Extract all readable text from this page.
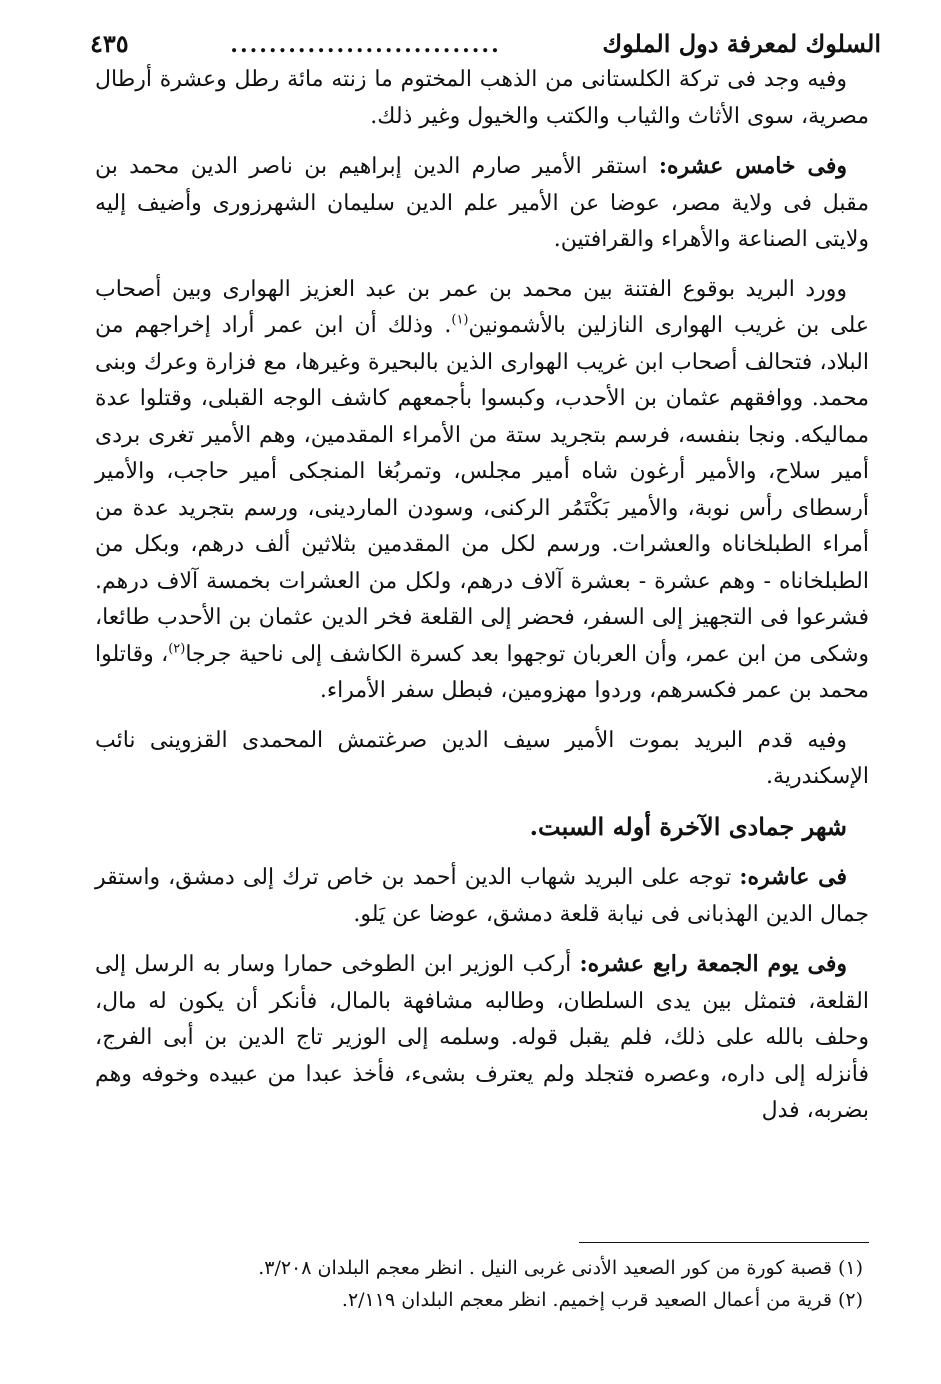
السلوك لمعرفة دول الملوك
............................
٤٣٥

وفيه وجد فى تركة الكلستانى من الذهب المختوم ما زنته مائة رطل وعشرة أرطال مصرية، سوى الأثاث والثياب والكتب والخيول وغير ذلك.

وفى خامس عشره: استقر الأمير صارم الدين إبراهيم بن ناصر الدين محمد بن مقبل فى ولاية مصر، عوضا عن الأمير علم الدين سليمان الشهرزورى وأضيف إليه ولايتى الصناعة والأهراء والقرافتين.

وورد البريد بوقوع الفتنة بين محمد بن عمر بن عبد العزيز الهوارى وبين أصحاب على بن غريب الهوارى النازلين بالأشمونين$^{(١)}$. وذلك أن ابن عمر أراد إخراجهم من البلاد، فتحالف أصحاب ابن غريب الهوارى الذين بالبحيرة وغيرها، مع فزارة وعرك وبنى محمد. ووافقهم عثمان بن الأحدب، وكبسوا بأجمعهم كاشف الوجه القبلى، وقتلوا عدة مماليكه. ونجا بنفسه، فرسم بتجريد ستة من الأمراء المقدمين، وهم الأمير تغرى بردى أمير سلاح، والأمير أرغون شاه أمير مجلس، وتمربُغا المنجكى أمير حاجب، والأمير أرسطاى رأس نوبة، والأمير بَكْتَمُر الركنى، وسودن الماردينى، ورسم بتجريد عدة من أمراء الطبلخاناه والعشرات. ورسم لكل من المقدمين بثلاثين ألف درهم، وبكل من الطبلخاناه - وهم عشرة - بعشرة آلاف درهم، ولكل من العشرات بخمسة آلاف درهم. فشرعوا فى التجهيز إلى السفر، فحضر إلى القلعة فخر الدين عثمان بن الأحدب طائعا، وشكى من ابن عمر، وأن العربان توجهوا بعد كسرة الكاشف إلى ناحية جرجا$^{(٢)}$، وقاتلوا محمد بن عمر فكسرهم، وردوا مهزومين، فبطل سفر الأمراء.

وفيه قدم البريد بموت الأمير سيف الدين صرغتمش المحمدى القزوينى نائب الإسكندرية.

شهر جمادى الآخرة أوله السبت.

فى عاشره: توجه على البريد شهاب الدين أحمد بن خاص ترك إلى دمشق، واستقر جمال الدين الهذبانى فى نيابة قلعة دمشق، عوضا عن يَلو.

وفى يوم الجمعة رابع عشره: أركب الوزير ابن الطوخى حمارا وسار به الرسل إلى القلعة، فتمثل بين يدى السلطان، وطالبه مشافهة بالمال، فأنكر أن يكون له مال، وحلف بالله على ذلك، فلم يقبل قوله. وسلمه إلى الوزير تاج الدين بن أبى الفرج، فأنزله إلى داره، وعصره فتجلد ولم يعترف بشىء، فأخذ عبدا من عبيده وخوفه وهم بضربه، فدل

(١) قصبة كورة من كور الصعيد الأدنى غربى النيل . انظر معجم البلدان ٣/٢٠٨.

(٢) قرية من أعمال الصعيد قرب إخميم. انظر معجم البلدان ٢/١١٩.
